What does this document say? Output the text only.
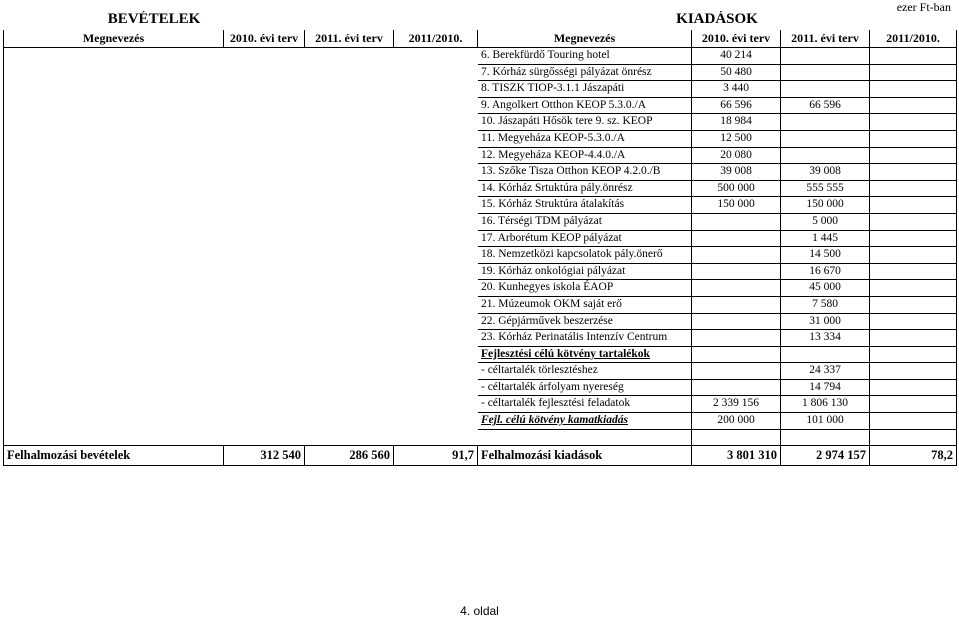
ezer Ft-ban
BEVÉTELEK				KIADÁSOK			
Megnevezés	2010. évi terv	2011. évi terv	2011/2010.	Megnevezés	2010. évi terv	2011. évi terv	2011/2010.
				6. Berekfürdő Touring hotel	40 214		
				7. Kórház sürgősségi pályázat önrész	50 480		
				8. TISZK TIOP-3.1.1 Jászapáti	3 440		
				9. Angolkert Otthon KEOP 5.3.0./A	66 596	66 596	
				10. Jászapáti Hősök tere 9. sz. KEOP	18 984		
				11. Megyeháza KEOP-5.3.0./A	12 500		
				12. Megyeháza KEOP-4.4.0./A	20 080		
				13. Szőke Tisza Otthon KEOP 4.2.0./B	39 008	39 008	
				14. Kórház Srtuktúra pály.önrész	500 000	555 555	
				15. Kórház Struktúra átalakítás	150 000	150 000	
				16. Térségi TDM pályázat		5 000	
				17. Arborétum KEOP pályázat		1 445	
				18. Nemzetközi kapcsolatok pály.önerő		14 500	
				19. Kórház onkológiai pályázat		16 670	
				20. Kunhegyes iskola ÉAOP		45 000	
				21. Múzeumok OKM saját erő		7 580	
				22. Gépjárművek beszerzése		31 000	
				23. Kórház Perinatális Intenzív Centrum		13 334	
				Fejlesztési célú kötvény tartalékok			
				- céltartalék törlesztéshez		24 337	
				- céltartalék árfolyam nyereség		14 794	
				- céltartalék fejlesztési feladatok	2 339 156	1 806 130	
				Fejl. célú kötvény kamatkiadás	200 000	101 000	

Felhalmozási bevételek	312 540	286 560	91,7	Felhalmozási kiadások	3 801 310	2 974 157	78,2
4. oldal
